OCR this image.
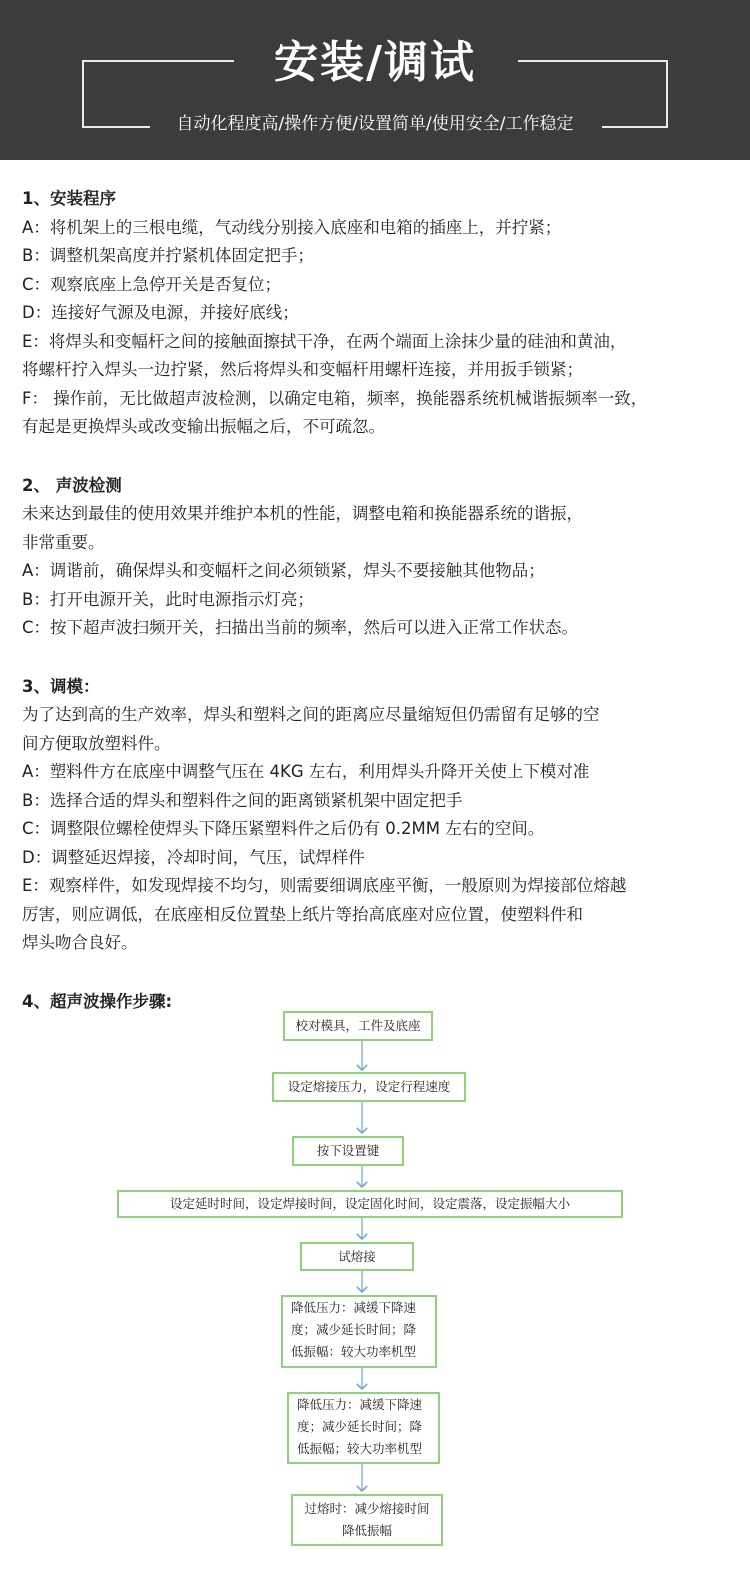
安装/调试
自动化程度高/操作方便/设置简单/使用安全/工作稳定

1、安装程序

A：将机架上的三根电缆，气动线分别接入底座和电箱的插座上，并拧紧；

B：调整机架高度并拧紧机体固定把手；

C：观察底座上急停开关是否复位；

D：连接好气源及电源，并接好底线；

E：将焊头和变幅杆之间的接触面擦拭干净，在两个端面上涂抹少量的硅油和黄油，

将螺杆拧入焊头一边拧紧，然后将焊头和变幅杆用螺杆连接，并用扳手锁紧；

F： 操作前，无比做超声波检测，以确定电箱，频率，换能器系统机械谐振频率一致，

有起是更换焊头或改变输出振幅之后，不可疏忽。

2、 声波检测

未来达到最佳的使用效果并维护本机的性能，调整电箱和换能器系统的谐振，

非常重要。

A：调谐前，确保焊头和变幅杆之间必须锁紧，焊头不要接触其他物品；

B：打开电源开关，此时电源指示灯亮；

C：按下超声波扫频开关，扫描出当前的频率，然后可以进入正常工作状态。

3、调模：

为了达到高的生产效率，焊头和塑料之间的距离应尽量缩短但仍需留有足够的空

间方便取放塑料件。

A：塑料件方在底座中调整气压在 4KG 左右，利用焊头升降开关使上下模对准

B：选择合适的焊头和塑料件之间的距离锁紧机架中固定把手

C：调整限位螺栓使焊头下降压紧塑料件之后仍有 0.2MM 左右的空间。

D：调整延迟焊接，冷却时间，气压，试焊样件

E：观察样件，如发现焊接不均匀，则需要细调底座平衡，一般原则为焊接部位熔越

厉害，则应调低，在底座相反位置垫上纸片等抬高底座对应位置，使塑料件和

焊头吻合良好。

4、超声波操作步骤:

校对模具，工件及底座
设定熔接压力，设定行程速度
按下设置键
设定延时时间，设定焊接时间，设定固化时间，设定震落，设定振幅大小
试熔接
降低压力：减缓下降速
度；减少延长时间；降
低振幅：较大功率机型
降低压力：减缓下降速
度；减少延长时间；降
低振幅；较大功率机型
过熔时：减少熔接时间
降低振幅
